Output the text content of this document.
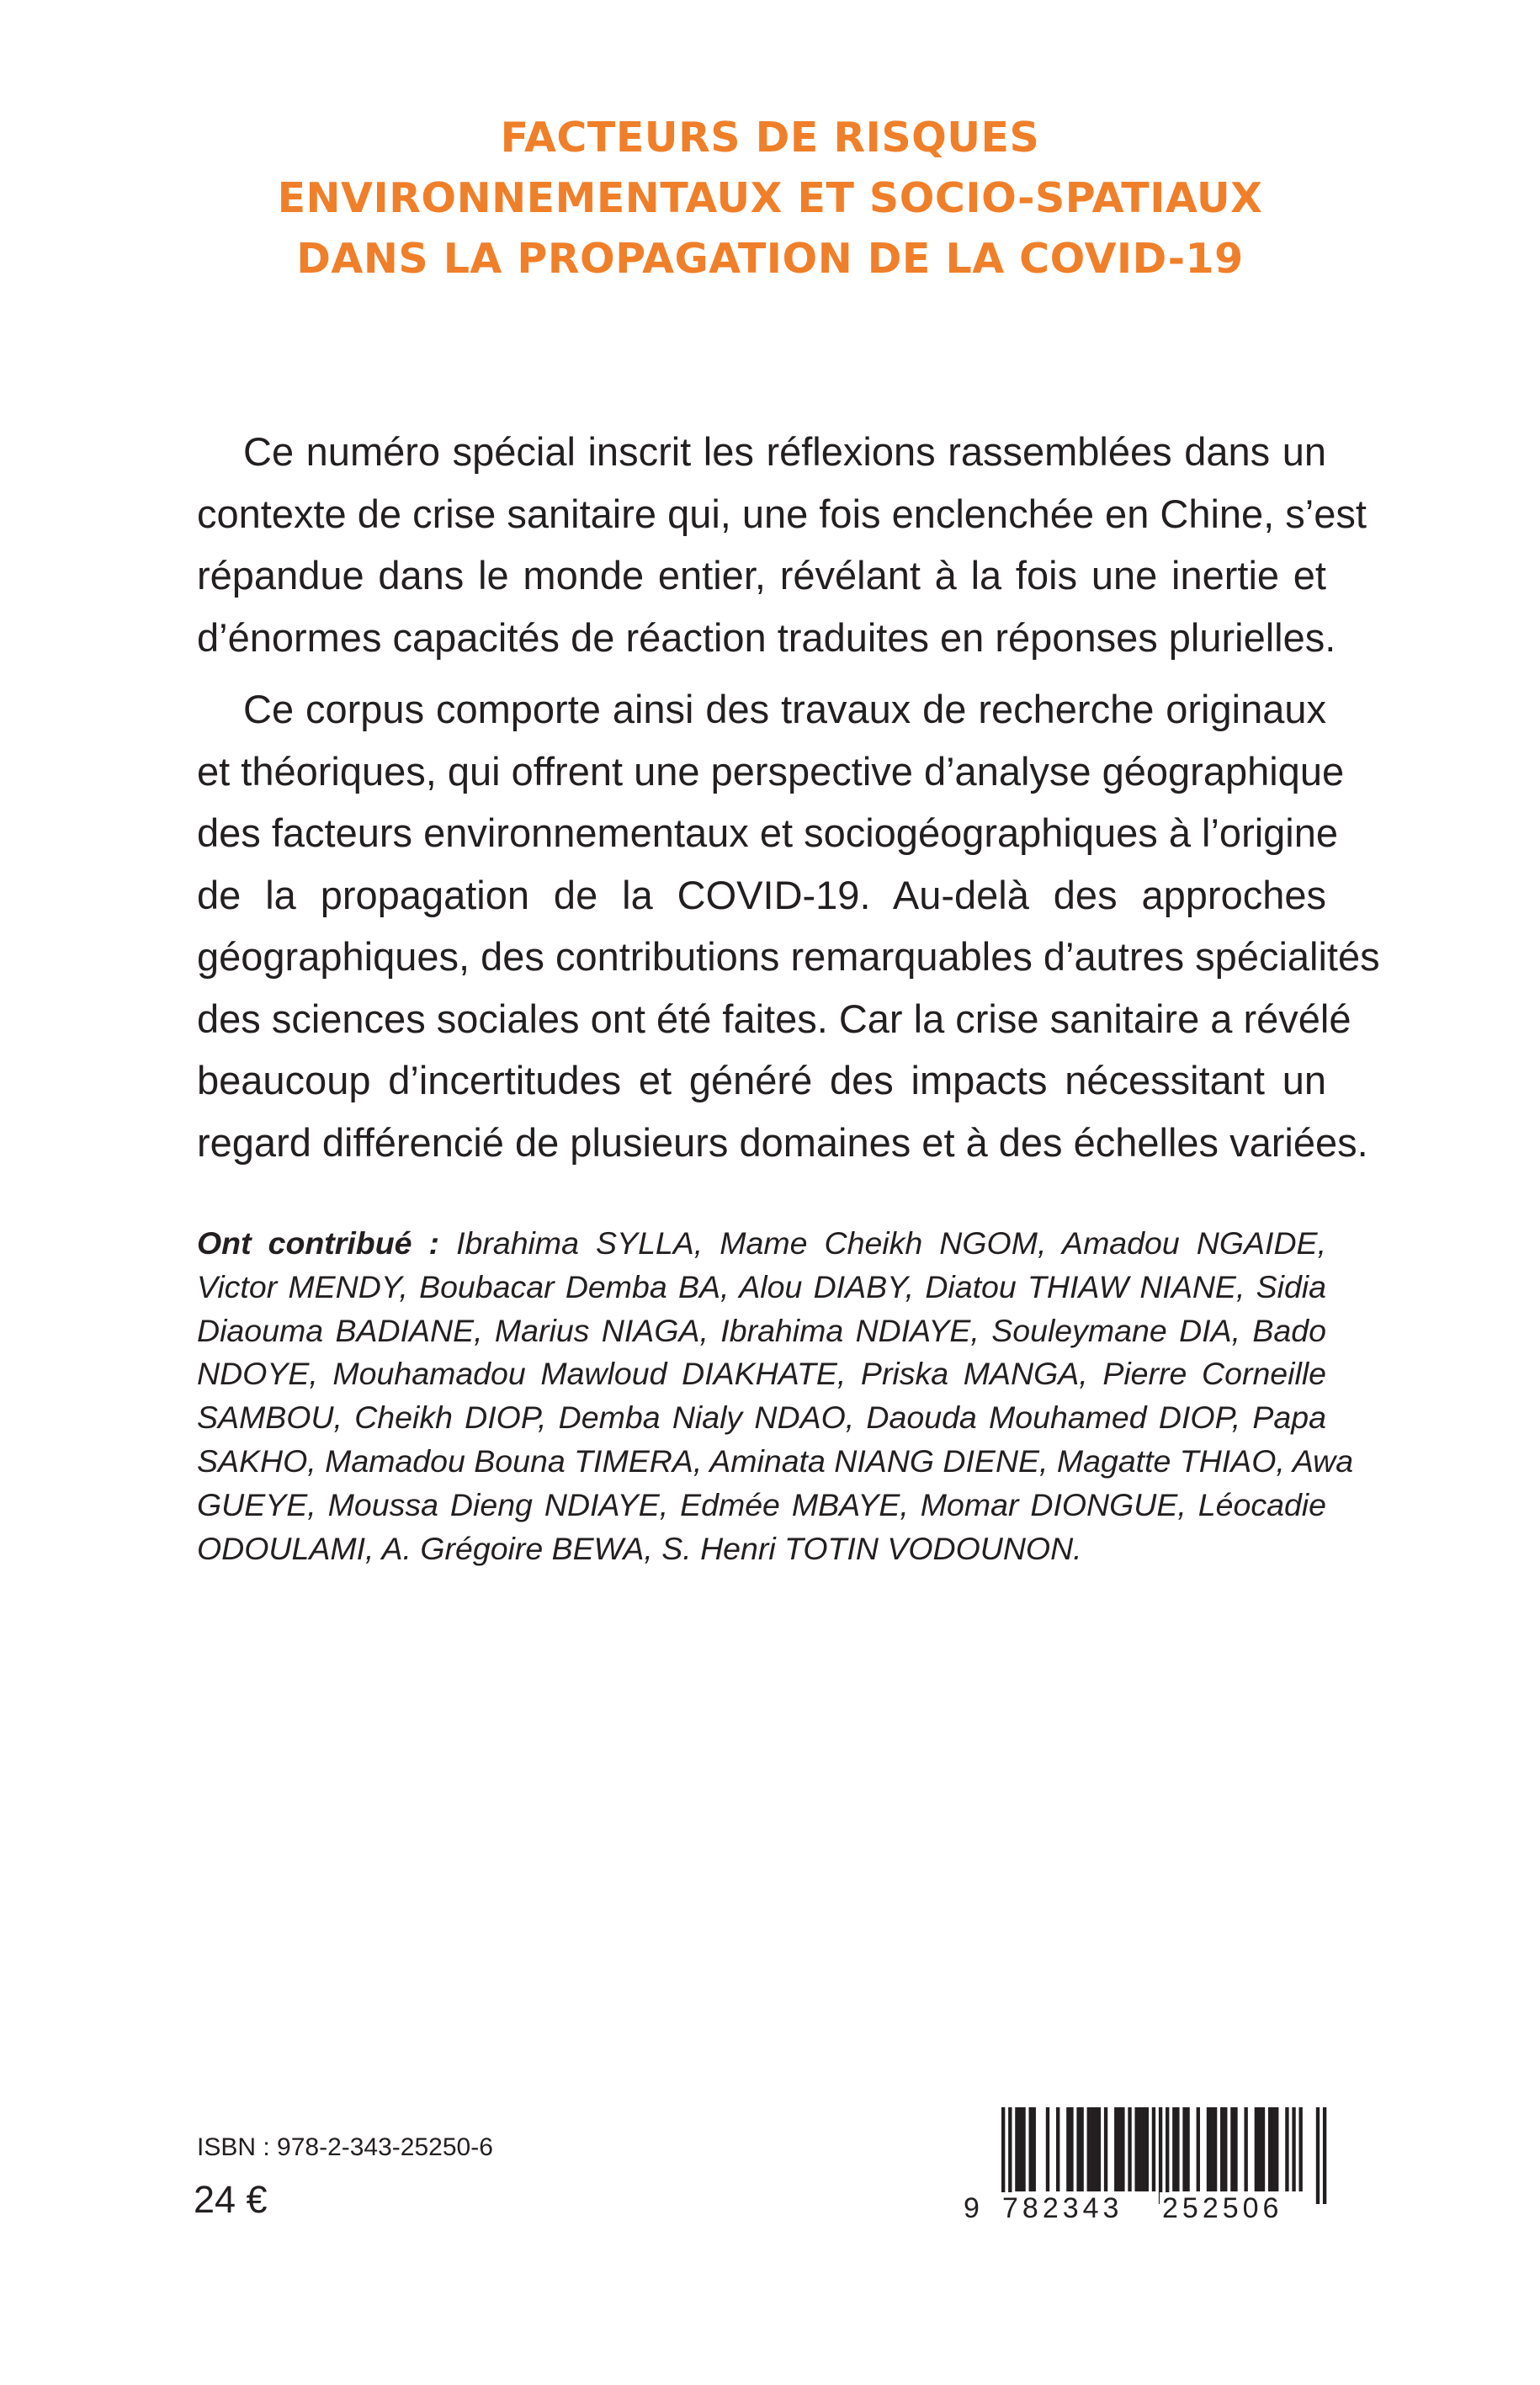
FACTEURS DE RISQUES
ENVIRONNEMENTAUX ET SOCIO-SPATIAUX
DANS LA PROPAGATION DE LA COVID-19
Ce numéro spécial inscrit les réflexions rassemblées dans un
contexte de crise sanitaire qui, une fois enclenchée en Chine, s’est
répandue dans le monde entier, révélant à la fois une inertie et
d’énormes capacités de réaction traduites en réponses plurielles.
Ce corpus comporte ainsi des travaux de recherche originaux
et théoriques, qui offrent une perspective d’analyse géographique
des facteurs environnementaux et sociogéographiques à l’origine
de la propagation de la COVID-19. Au-delà des approches
géographiques, des contributions remarquables d’autres spécialités
des sciences sociales ont été faites. Car la crise sanitaire a révélé
beaucoup d’incertitudes et généré des impacts nécessitant un
regard différencié de plusieurs domaines et à des échelles variées.
Ont contribué : Ibrahima SYLLA, Mame Cheikh NGOM, Amadou NGAIDE,
Victor MENDY, Boubacar Demba BA, Alou DIABY, Diatou THIAW NIANE, Sidia
Diaouma BADIANE, Marius NIAGA, Ibrahima NDIAYE, Souleymane DIA, Bado
NDOYE, Mouhamadou Mawloud DIAKHATE, Priska MANGA, Pierre Corneille
SAMBOU, Cheikh DIOP, Demba Nialy NDAO, Daouda Mouhamed DIOP, Papa
SAKHO, Mamadou Bouna TIMERA, Aminata NIANG DIENE, Magatte THIAO, Awa
GUEYE, Moussa Dieng NDIAYE, Edmée MBAYE, Momar DIONGUE, Léocadie
ODOULAMI, A. Grégoire BEWA, S. Henri TOTIN VODOUNON.
ISBN : 978-2-343-25250-6
24 €	9 782343 252506
